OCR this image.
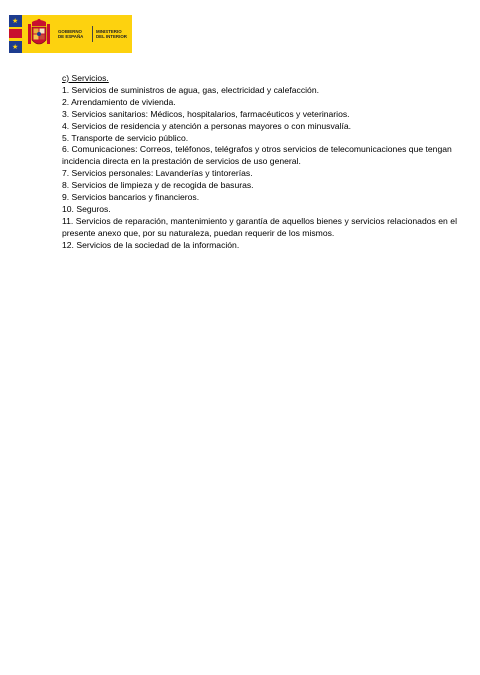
★
★
GOBIERNO
DE ESPAÑA
MINISTERIO
DEL INTERIOR

c) Servicios.

1. Servicios de suministros de agua, gas, electricidad y calefacción.

2. Arrendamiento de vivienda.

3. Servicios sanitarios: Médicos, hospitalarios, farmacéuticos y veterinarios.

4. Servicios de residencia y atención a personas mayores o con minusvalía.

5. Transporte de servicio público.

6. Comunicaciones: Correos, teléfonos, telégrafos y otros servicios de telecomunicaciones que tengan incidencia directa en la prestación de servicios de uso general.

7. Servicios personales: Lavanderías y tintorerías.

8. Servicios de limpieza y de recogida de basuras.

9. Servicios bancarios y financieros.

10. Seguros.

11. Servicios de reparación, mantenimiento y garantía de aquellos bienes y servicios relacionados en el presente anexo que, por su naturaleza, puedan requerir de los mismos.

12. Servicios de la sociedad de la información.
